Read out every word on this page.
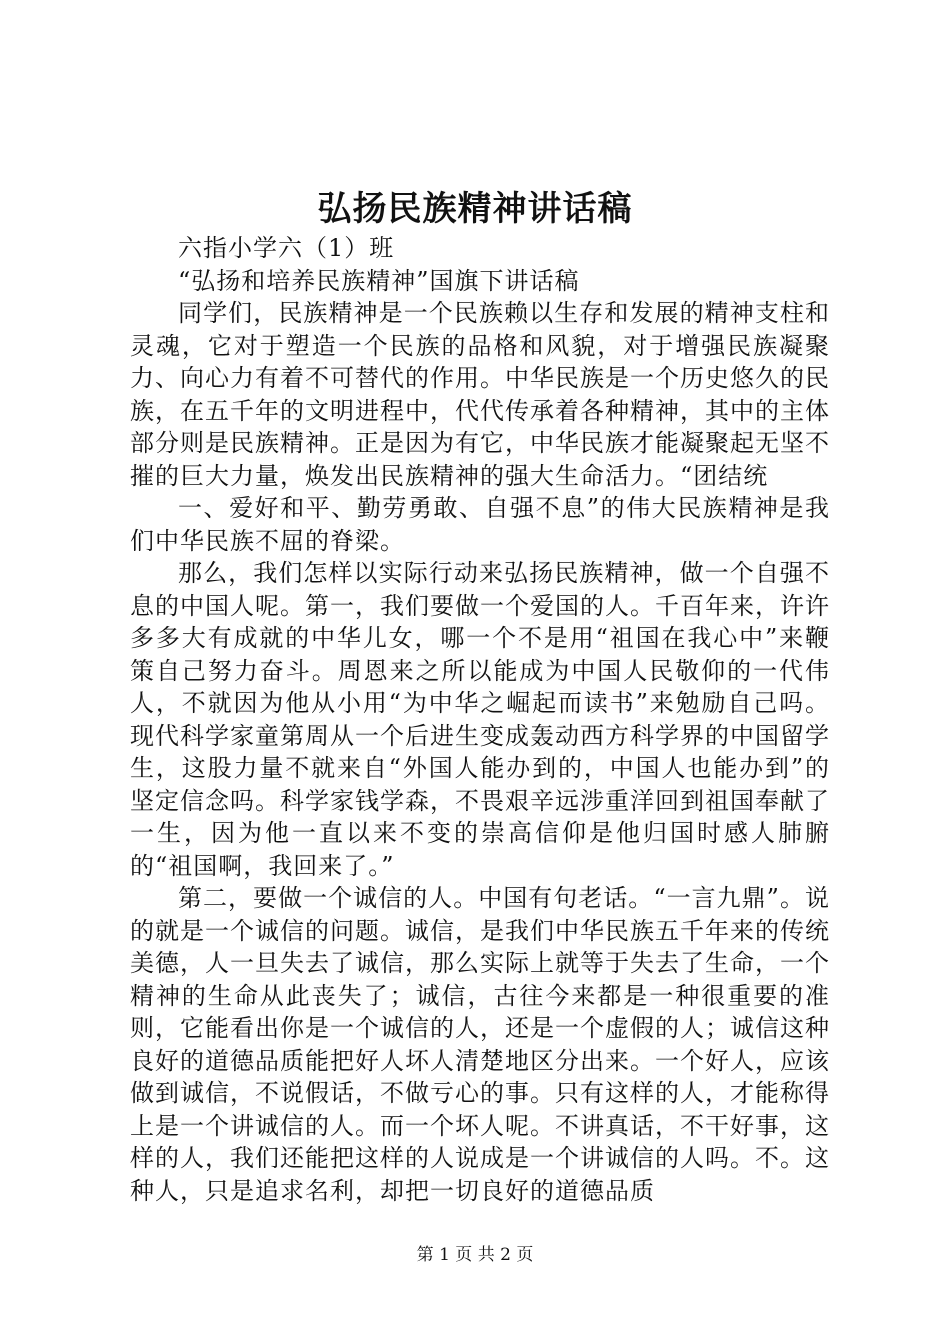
弘扬民族精神讲话稿

六指小学六（1）班

“弘扬和培养民族精神”国旗下讲话稿

同学们，民族精神是一个民族赖以生存和发展的精神支柱和灵魂，它对于塑造一个民族的品格和风貌，对于增强民族凝聚力、向心力有着不可替代的作用。中华民族是一个历史悠久的民族，在五千年的文明进程中，代代传承着各种精神，其中的主体部分则是民族精神。正是因为有它，中华民族才能凝聚起无坚不摧的巨大力量，焕发出民族精神的强大生命活力。“团结统

一、爱好和平、勤劳勇敢、自强不息”的伟大民族精神是我们中华民族不屈的脊梁。

那么，我们怎样以实际行动来弘扬民族精神，做一个自强不息的中国人呢。第一，我们要做一个爱国的人。千百年来，许许多多大有成就的中华儿女，哪一个不是用“祖国在我心中”来鞭策自己努力奋斗。周恩来之所以能成为中国人民敬仰的一代伟人，不就因为他从小用“为中华之崛起而读书”来勉励自己吗。现代科学家童第周从一个后进生变成轰动西方科学界的中国留学生，这股力量不就来自“外国人能办到的，中国人也能办到”的坚定信念吗。科学家钱学森，不畏艰辛远涉重洋回到祖国奉献了一生，因为他一直以来不变的崇高信仰是他归国时感人肺腑的“祖国啊，我回来了。”

第二，要做一个诚信的人。中国有句老话。“一言九鼎”。说的就是一个诚信的问题。诚信，是我们中华民族五千年来的传统美德，人一旦失去了诚信，那么实际上就等于失去了生命，一个精神的生命从此丧失了；诚信，古往今来都是一种很重要的准则，它能看出你是一个诚信的人，还是一个虚假的人；诚信这种良好的道德品质能把好人坏人清楚地区分出来。一个好人，应该做到诚信，不说假话，不做亏心的事。只有这样的人，才能称得上是一个讲诚信的人。而一个坏人呢。不讲真话，不干好事，这样的人，我们还能把这样的人说成是一个讲诚信的人吗。不。这种人，只是追求名利，却把一切良好的道德品质

第 1 页 共 2 页
